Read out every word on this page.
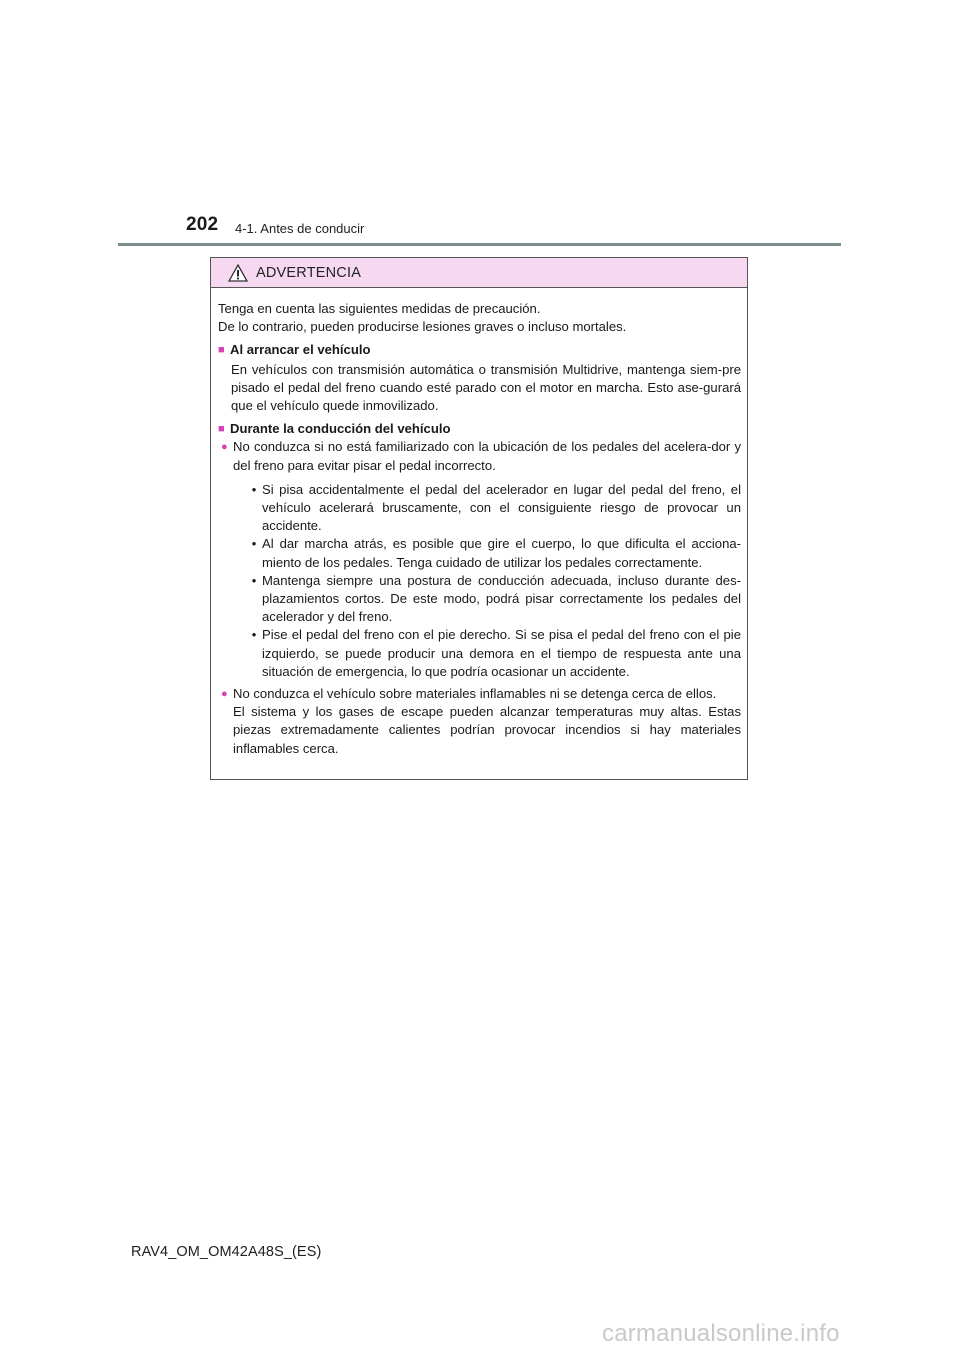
202 4-1. Antes de conducir
ADVERTENCIA

Tenga en cuenta las siguientes medidas de precaución.

De lo contrario, pueden producirse lesiones graves o incluso mortales.

■ Al arrancar el vehículo
En vehículos con transmisión automática o transmisión Multidrive, mantenga siem-pre pisado el pedal del freno cuando esté parado con el motor en marcha. Esto ase-gurará que el vehículo quede inmovilizado.
■ Durante la conducción del vehículo
● No conduzca si no está familiarizado con la ubicación de los pedales del acelera-dor y del freno para evitar pisar el pedal incorrecto.

• Si pisa accidentalmente el pedal del acelerador en lugar del pedal del freno, el vehículo acelerará bruscamente, con el consiguiente riesgo de provocar un accidente.
• Al dar marcha atrás, es posible que gire el cuerpo, lo que dificulta el acciona-miento de los pedales. Tenga cuidado de utilizar los pedales correctamente.
• Mantenga siempre una postura de conducción adecuada, incluso durante des-plazamientos cortos. De este modo, podrá pisar correctamente los pedales del acelerador y del freno.
• Pise el pedal del freno con el pie derecho. Si se pisa el pedal del freno con el pie izquierdo, se puede producir una demora en el tiempo de respuesta ante una situación de emergencia, lo que podría ocasionar un accidente.
● No conduzca el vehículo sobre materiales inflamables ni se detenga cerca de ellos.

El sistema y los gases de escape pueden alcanzar temperaturas muy altas. Estas piezas extremadamente calientes podrían provocar incendios si hay materiales inflamables cerca.

RAV4_OM_OM42A48S_(ES)
carmanualsonline.info
